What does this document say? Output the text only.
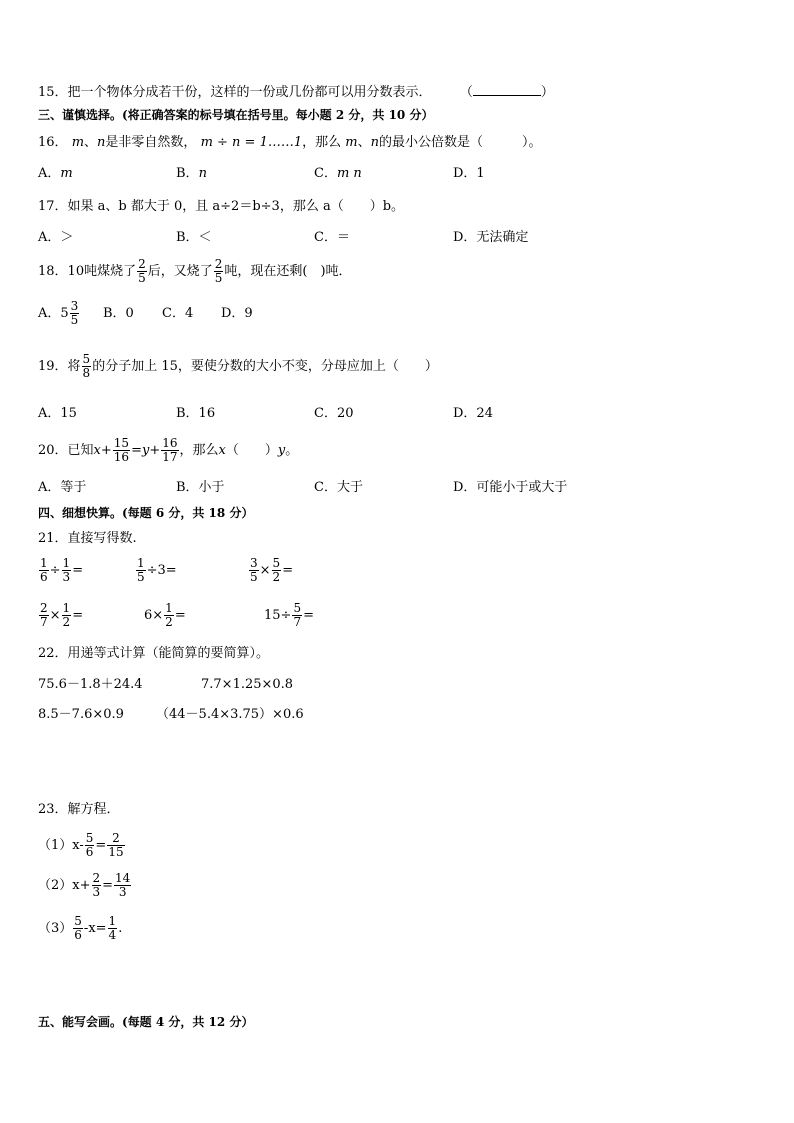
15．把一个物体分成若干份，这样的一份或几份都可以用分数表示． （	）
三、谨慎选择。(将正确答案的标号填在括号里。每小题 2 分，共 10 分）
16． m、n是非零自然数， m ÷ n = 1……1，那么 m、n的最小公倍数是（　　　）。
A．m	B．n	C．m n	D．1
17．如果 a、b 都大于 0，且 a÷2＝b÷3，那么 a（　　）b。
A．＞	B．＜	C．＝	D．无法确定
18．10吨煤烧了 $\frac{2}{5}$ 后，又烧了 $\frac{2}{5}$ 吨，现在还剩(　)吨．
A．$5 \frac{3}{5}$ B．0 C．4 D．9
19．将 $\frac{5}{8}$ 的分子加上 15，要使分数的大小不变，分母应加上（　　）
A．15	B．16	C．20	D．24
20．已知$x+ \frac{15}{16} =y+ \frac{16}{17}$ ，那么x（　　）y。
A．等于	B．小于	C．大于	D．可能小于或大于
四、细想快算。(每题 6 分，共 18 分）
21．直接写得数.
$\frac{1}{6} \div \frac{1}{3}$ =	$\frac{1}{5} \div 3=$	$\frac{3}{5} \times \frac{5}{2}$ =
$\frac{2}{7} \times \frac{1}{2}$ =	$6\times \frac{1}{2}$ =	$15\div \frac{5}{7}$ =
22．用递等式计算（能简算的要简算）。
75.6－1.8＋24.4	7.7×1.25×0.8
8.5－7.6×0.9 （44－5.4×3.75）×0.6
23．解方程．
$(1)x- \frac{5}{6} = \frac{2}{15}$
$(2)x+ \frac{2}{3} = \frac{14}{3}$
$(3) \frac{5}{6} -x= \frac{1}{4}$ .
五、能写会画。(每题 4 分，共 12 分）
